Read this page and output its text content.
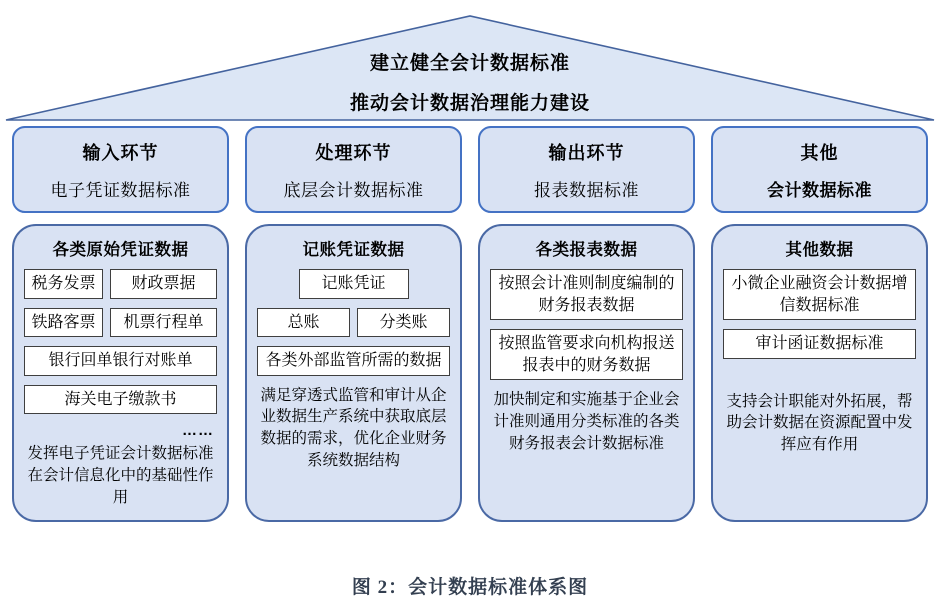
建立健全会计数据标准
推动会计数据治理能力建设
输入环节
电子凭证数据标准
处理环节
底层会计数据标准
输出环节
报表数据标准
其他
会计数据标准
各类原始凭证数据
税务发票	财政票据
铁路客票	机票行程单
银行回单银行对账单
海关电子缴款书
……
发挥电子凭证会计数据标准在会计信息化中的基础性作用
记账凭证数据
记账凭证
总账	分类账
各类外部监管所需的数据
满足穿透式监管和审计从企业数据生产系统中获取底层数据的需求，优化企业财务系统数据结构
各类报表数据
按照会计准则制度编制的财务报表数据
按照监管要求向机构报送报表中的财务数据
加快制定和实施基于企业会计准则通用分类标准的各类财务报表会计数据标准
其他数据
小微企业融资会计数据增信数据标准
审计函证数据标准
支持会计职能对外拓展，帮助会计数据在资源配置中发挥应有作用
图 2：会计数据标准体系图
